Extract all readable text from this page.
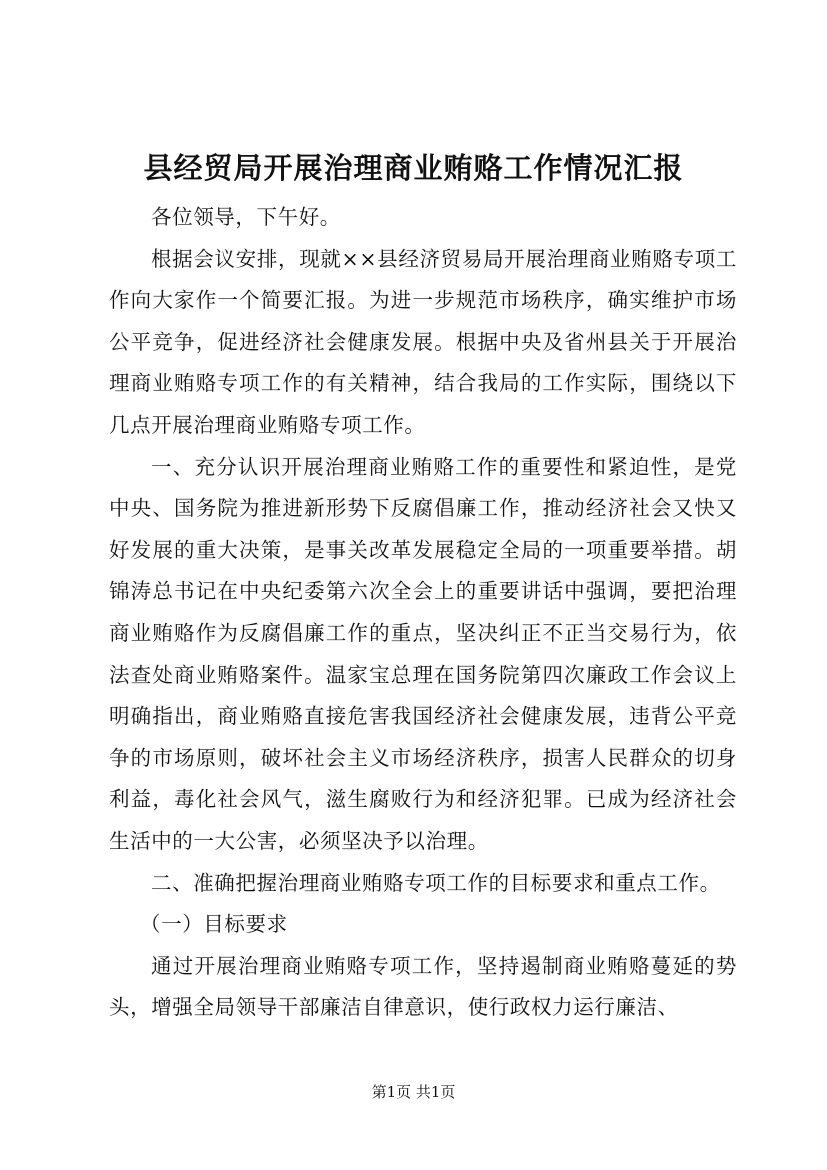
县经贸局开展治理商业贿赂工作情况汇报

各位领导，下午好。

根据会议安排，现就××县经济贸易局开展治理商业贿赂专项工作向大家作一个简要汇报。为进一步规范市场秩序，确实维护市场公平竞争，促进经济社会健康发展。根据中央及省州县关于开展治理商业贿赂专项工作的有关精神，结合我局的工作实际，围绕以下几点开展治理商业贿赂专项工作。

一、充分认识开展治理商业贿赂工作的重要性和紧迫性，是党中央、国务院为推进新形势下反腐倡廉工作，推动经济社会又快又好发展的重大决策，是事关改革发展稳定全局的一项重要举措。胡锦涛总书记在中央纪委第六次全会上的重要讲话中强调，要把治理商业贿赂作为反腐倡廉工作的重点，坚决纠正不正当交易行为，依法查处商业贿赂案件。温家宝总理在国务院第四次廉政工作会议上明确指出，商业贿赂直接危害我国经济社会健康发展，违背公平竞争的市场原则，破坏社会主义市场经济秩序，损害人民群众的切身利益，毒化社会风气，滋生腐败行为和经济犯罪。已成为经济社会生活中的一大公害，必须坚决予以治理。

二、准确把握治理商业贿赂专项工作的目标要求和重点工作。

（一）目标要求

通过开展治理商业贿赂专项工作，坚持遏制商业贿赂蔓延的势头，增强全局领导干部廉洁自律意识，使行政权力运行廉洁、

第1页 共1页
